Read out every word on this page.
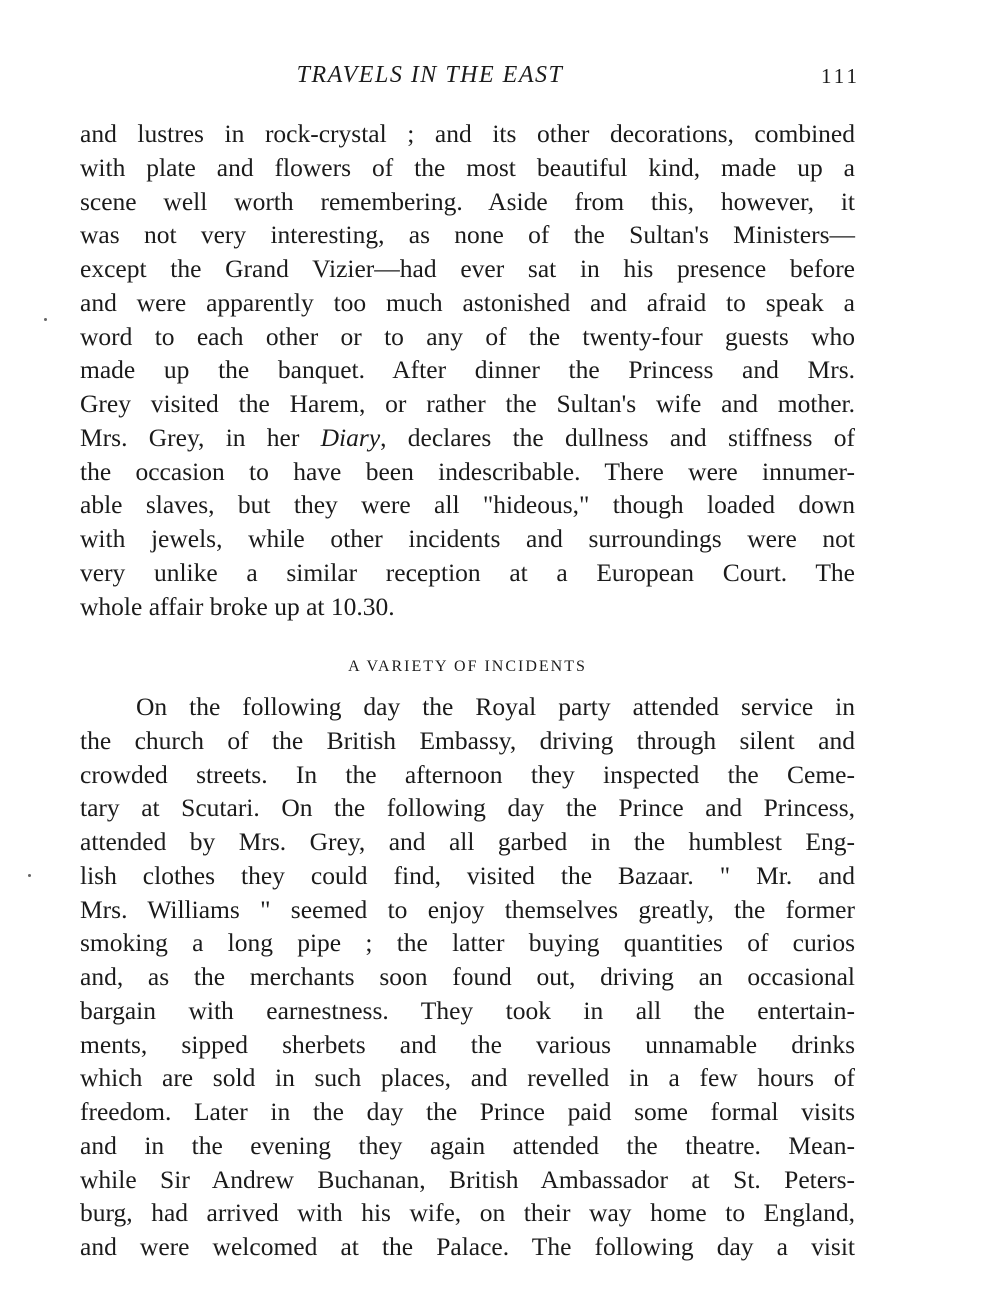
TRAVELS IN THE EAST	111
and lustres in rock-crystal ; and its other decorations, combined
with plate and flowers of the most beautiful kind, made up a
scene well worth remembering. Aside from this, however, it
was not very interesting, as none of the Sultan's Ministers—
except the Grand Vizier—had ever sat in his presence before
and were apparently too much astonished and afraid to speak a
word to each other or to any of the twenty-four guests who
made up the banquet. After dinner the Princess and Mrs.
Grey visited the Harem, or rather the Sultan's wife and mother.
Mrs. Grey, in her Diary, declares the dullness and stiffness of
the occasion to have been indescribable. There were innumer-
able slaves, but they were all "hideous," though loaded down
with jewels, while other incidents and surroundings were not
very unlike a similar reception at a European Court. The
whole affair broke up at 10.30.
A VARIETY OF INCIDENTS
On the following day the Royal party attended service in
the church of the British Embassy, driving through silent and
crowded streets. In the afternoon they inspected the Ceme-
tary at Scutari. On the following day the Prince and Princess,
attended by Mrs. Grey, and all garbed in the humblest Eng-
lish clothes they could find, visited the Bazaar. " Mr. and
Mrs. Williams " seemed to enjoy themselves greatly, the former
smoking a long pipe ; the latter buying quantities of curios
and, as the merchants soon found out, driving an occasional
bargain with earnestness. They took in all the entertain-
ments, sipped sherbets and the various unnamable drinks
which are sold in such places, and revelled in a few hours of
freedom. Later in the day the Prince paid some formal visits
and in the evening they again attended the theatre. Mean-
while Sir Andrew Buchanan, British Ambassador at St. Peters-
burg, had arrived with his wife, on their way home to England,
and were welcomed at the Palace. The following day a visit
